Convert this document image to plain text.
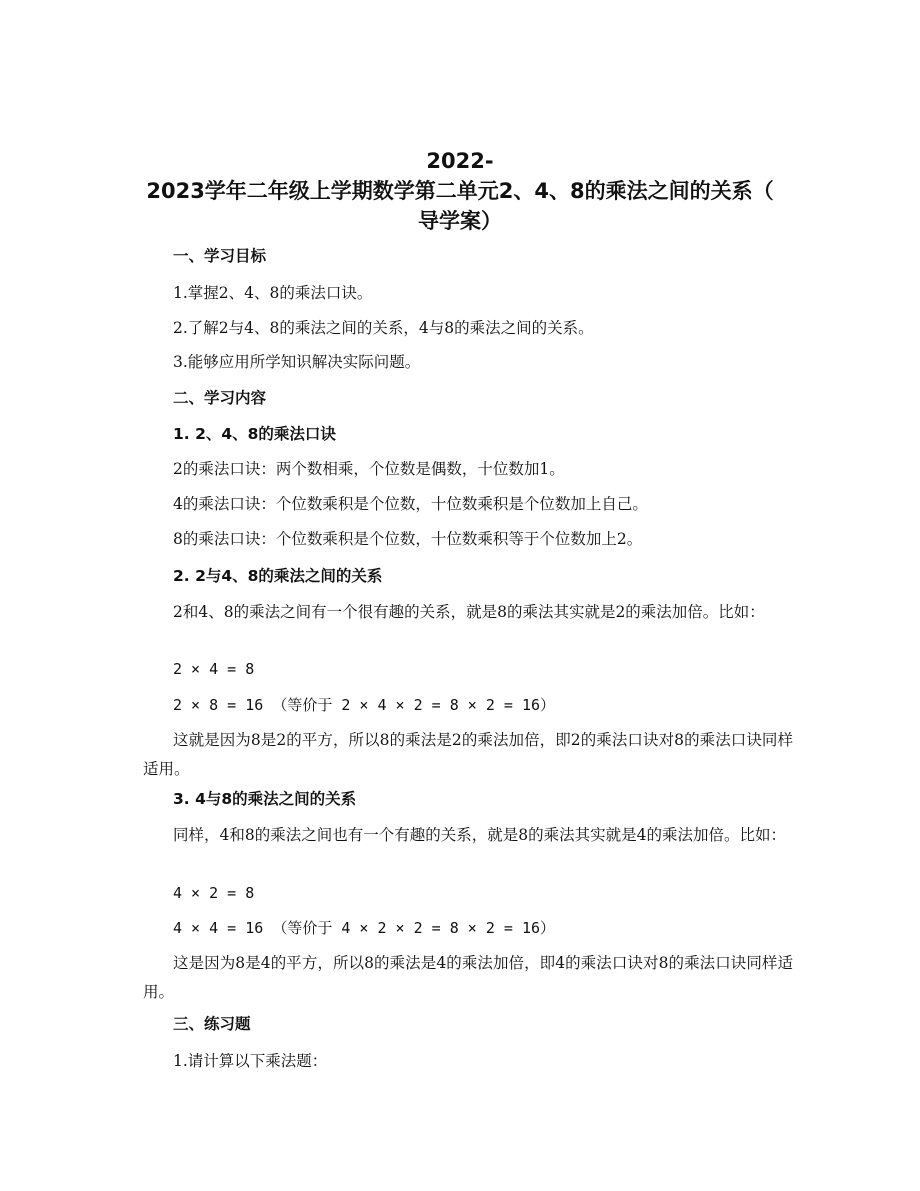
2022-
2023学年二年级上学期数学第二单元2、4、8的乘法之间的关系（
导学案）
一、学习目标
1.掌握2、4、8的乘法口诀。
2.了解2与4、8的乘法之间的关系，4与8的乘法之间的关系。
3.能够应用所学知识解决实际问题。
二、学习内容
1. 2、4、8的乘法口诀
2的乘法口诀：两个数相乘，个位数是偶数，十位数加1。
4的乘法口诀：个位数乘积是个位数，十位数乘积是个位数加上自己。
8的乘法口诀：个位数乘积是个位数，十位数乘积等于个位数加上2。
2. 2与4、8的乘法之间的关系
2和4、8的乘法之间有一个很有趣的关系，就是8的乘法其实就是2的乘法加倍。比如：
2 × 4 = 8
2 × 8 = 16 （等价于 2 × 4 × 2 = 8 × 2 = 16）
这就是因为8是2的平方，所以8的乘法是2的乘法加倍，即2的乘法口诀对8的乘法口诀同样适用。
3. 4与8的乘法之间的关系
同样，4和8的乘法之间也有一个有趣的关系，就是8的乘法其实就是4的乘法加倍。比如：
4 × 2 = 8
4 × 4 = 16 （等价于 4 × 2 × 2 = 8 × 2 = 16）
这是因为8是4的平方，所以8的乘法是4的乘法加倍，即4的乘法口诀对8的乘法口诀同样适用。
三、练习题
1.请计算以下乘法题：
